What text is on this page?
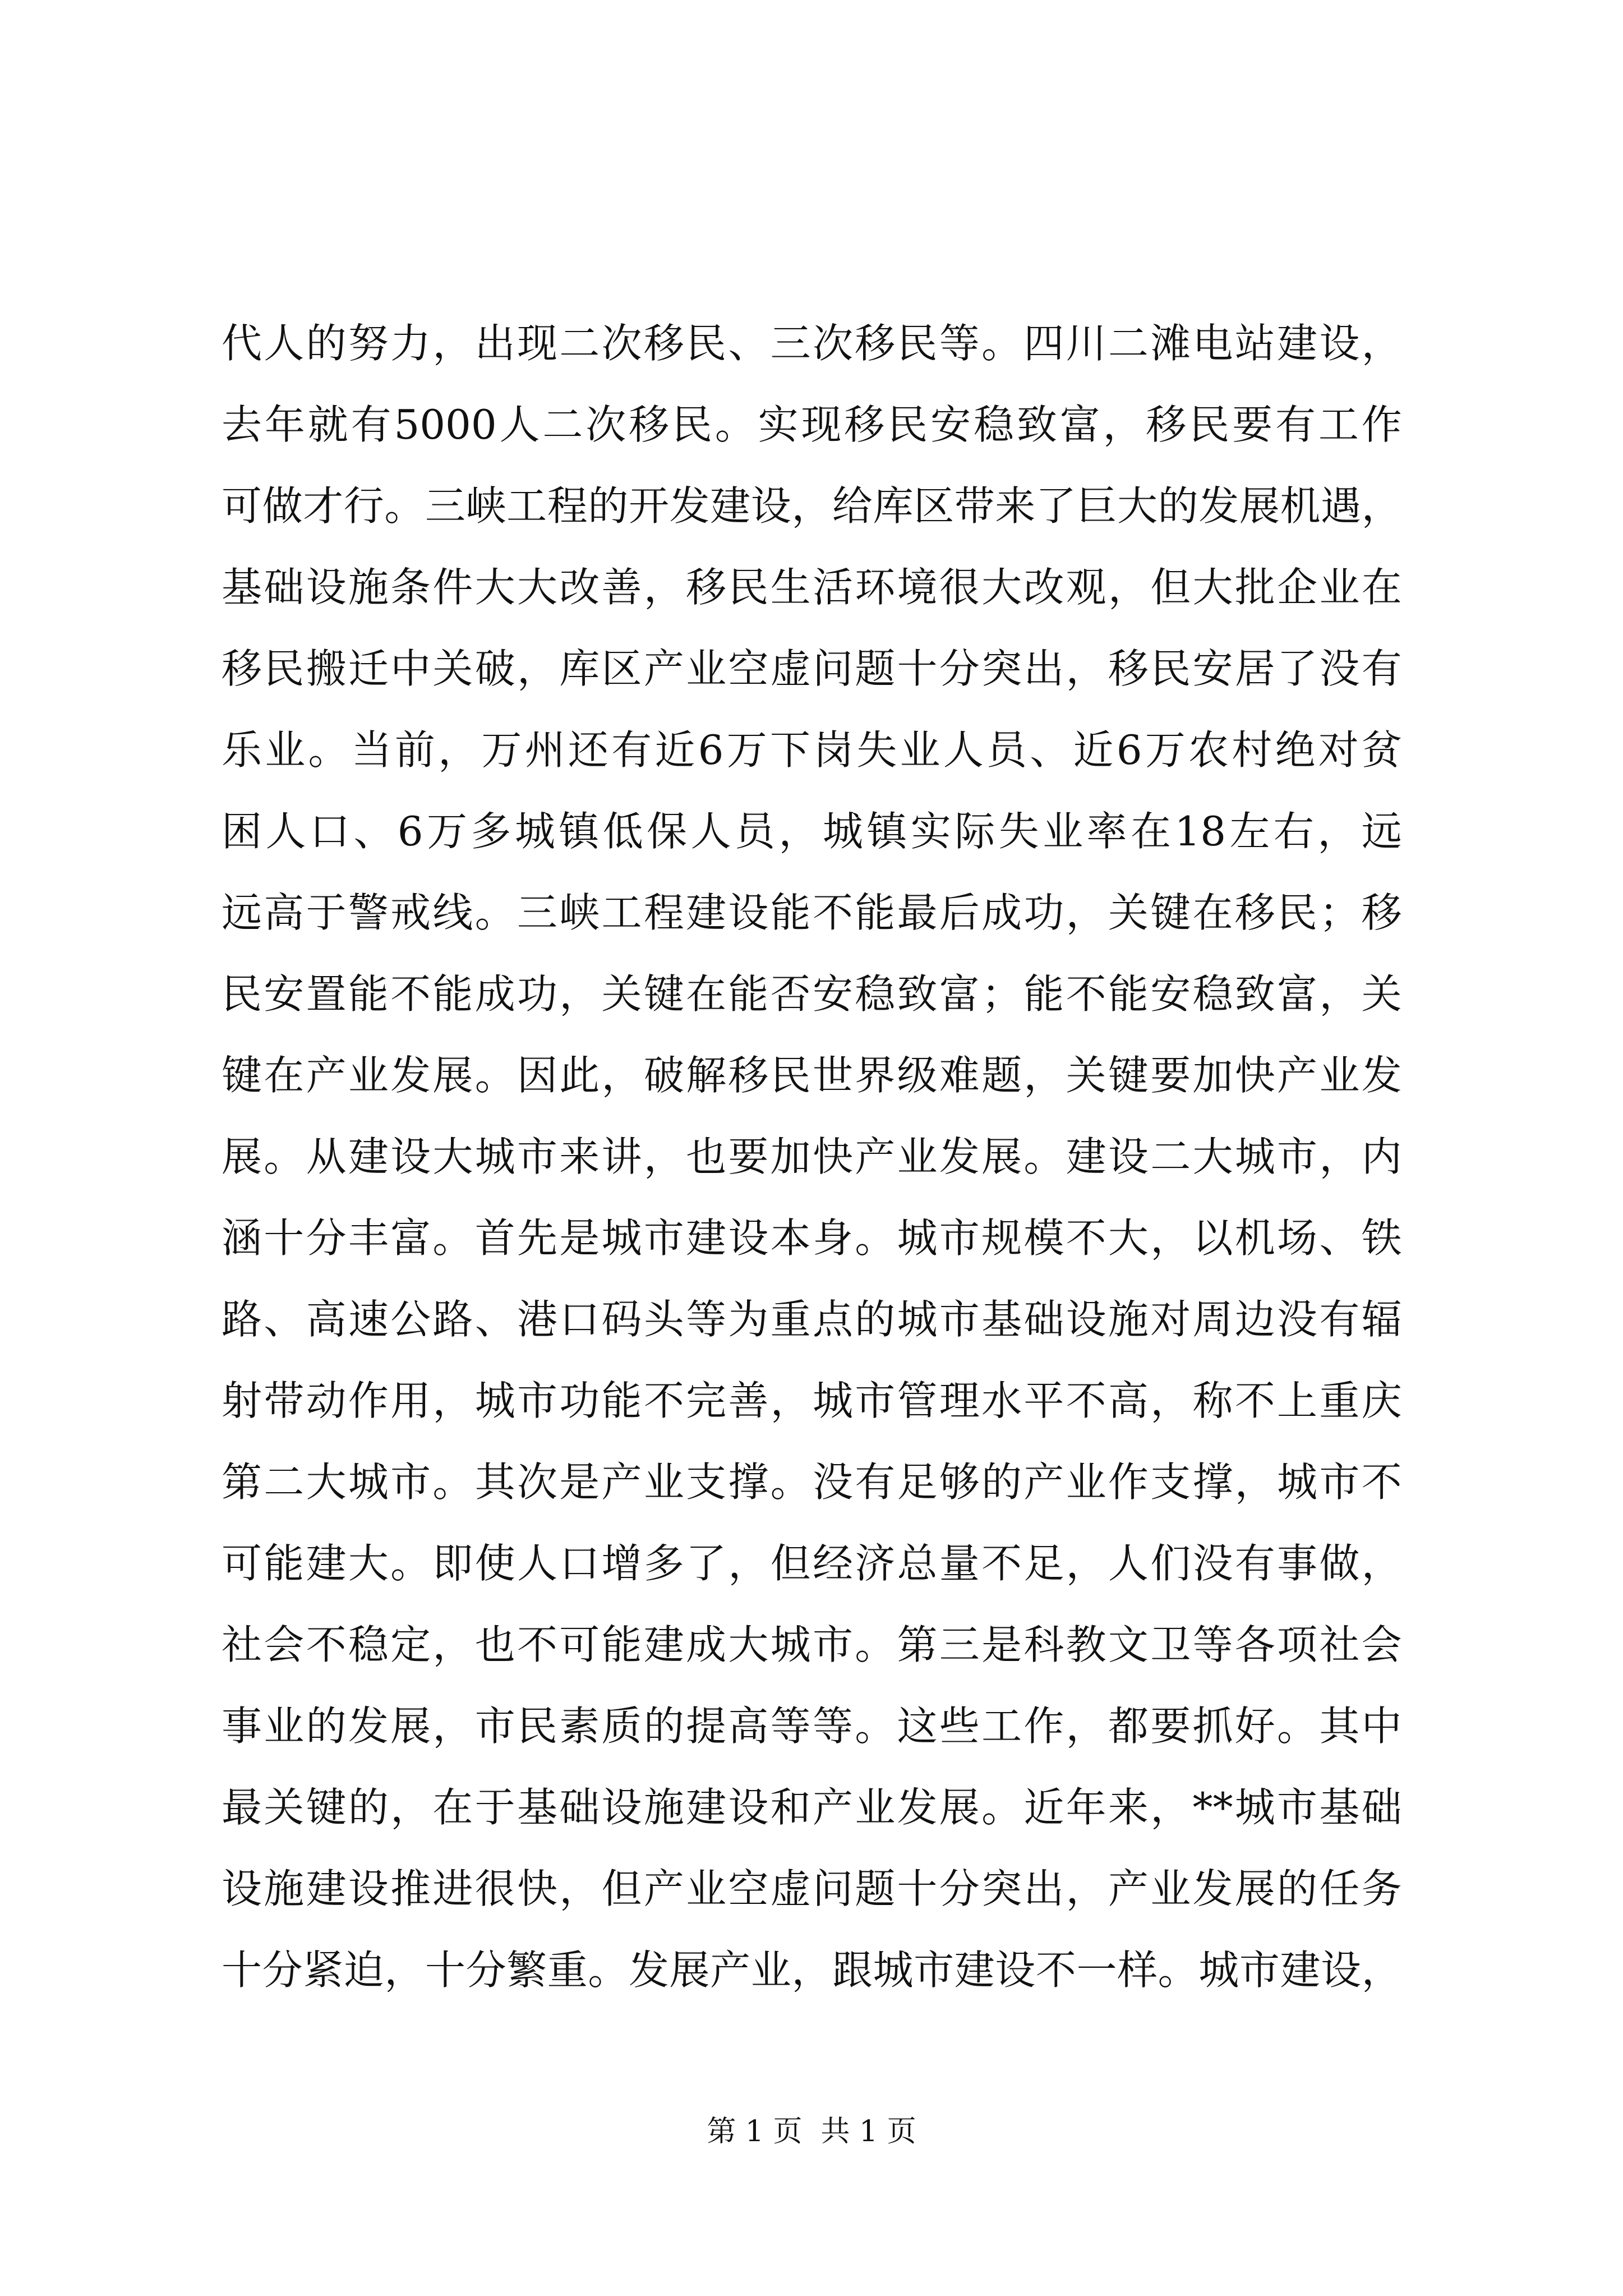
代 人 的 努 力 ， 出 现 二 次 移 民 、 三 次 移 民 等 。 四 川 二 滩 电 站 建 设 ，
去 年 就 有 5000 人 二 次 移 民 。 实 现 移 民 安 稳 致 富 ， 移 民 要 有 工 作
可 做 才 行 。 三 峡 工 程 的 开 发 建 设 ， 给 库 区 带 来 了 巨 大 的 发 展 机 遇 ，
基 础 设 施 条 件 大 大 改 善 ， 移 民 生 活 环 境 很 大 改 观 ， 但 大 批 企 业 在
移 民 搬 迁 中 关 破 ， 库 区 产 业 空 虚 问 题 十 分 突 出 ， 移 民 安 居 了 没 有
乐 业 。 当 前 ， 万 州 还 有 近 6 万 下 岗 失 业 人 员 、 近 6 万 农 村 绝 对 贫
困 人 口 、 6 万 多 城 镇 低 保 人 员 ， 城 镇 实 际 失 业 率 在 18 左 右 ， 远
远 高 于 警 戒 线 。 三 峡 工 程 建 设 能 不 能 最 后 成 功 ， 关 键 在 移 民 ； 移
民 安 置 能 不 能 成 功 ， 关 键 在 能 否 安 稳 致 富 ； 能 不 能 安 稳 致 富 ， 关
键 在 产 业 发 展 。 因 此 ， 破 解 移 民 世 界 级 难 题 ， 关 键 要 加 快 产 业 发
展 。 从 建 设 大 城 市 来 讲 ， 也 要 加 快 产 业 发 展 。 建 设 二 大 城 市 ， 内
涵 十 分 丰 富 。 首 先 是 城 市 建 设 本 身 。 城 市 规 模 不 大 ， 以 机 场 、 铁
路 、 高 速 公 路 、 港 口 码 头 等 为 重 点 的 城 市 基 础 设 施 对 周 边 没 有 辐
射 带 动 作 用 ， 城 市 功 能 不 完 善 ， 城 市 管 理 水 平 不 高 ， 称 不 上 重 庆
第 二 大 城 市 。 其 次 是 产 业 支 撑 。 没 有 足 够 的 产 业 作 支 撑 ， 城 市 不
可 能 建 大 。 即 使 人 口 增 多 了 ， 但 经 济 总 量 不 足 ， 人 们 没 有 事 做 ，
社 会 不 稳 定 ， 也 不 可 能 建 成 大 城 市 。 第 三 是 科 教 文 卫 等 各 项 社 会
事 业 的 发 展 ， 市 民 素 质 的 提 高 等 等 。 这 些 工 作 ， 都 要 抓 好 。 其 中
最 关 键 的 ， 在 于 基 础 设 施 建 设 和 产 业 发 展 。 近 年 来 ， ** 城 市 基 础
设 施 建 设 推 进 很 快 ， 但 产 业 空 虚 问 题 十 分 突 出 ， 产 业 发 展 的 任 务
十 分 紧 迫 ， 十 分 繁 重 。 发 展 产 业 ， 跟 城 市 建 设 不 一 样 。 城 市 建 设 ，
第 1 页  共 1 页
